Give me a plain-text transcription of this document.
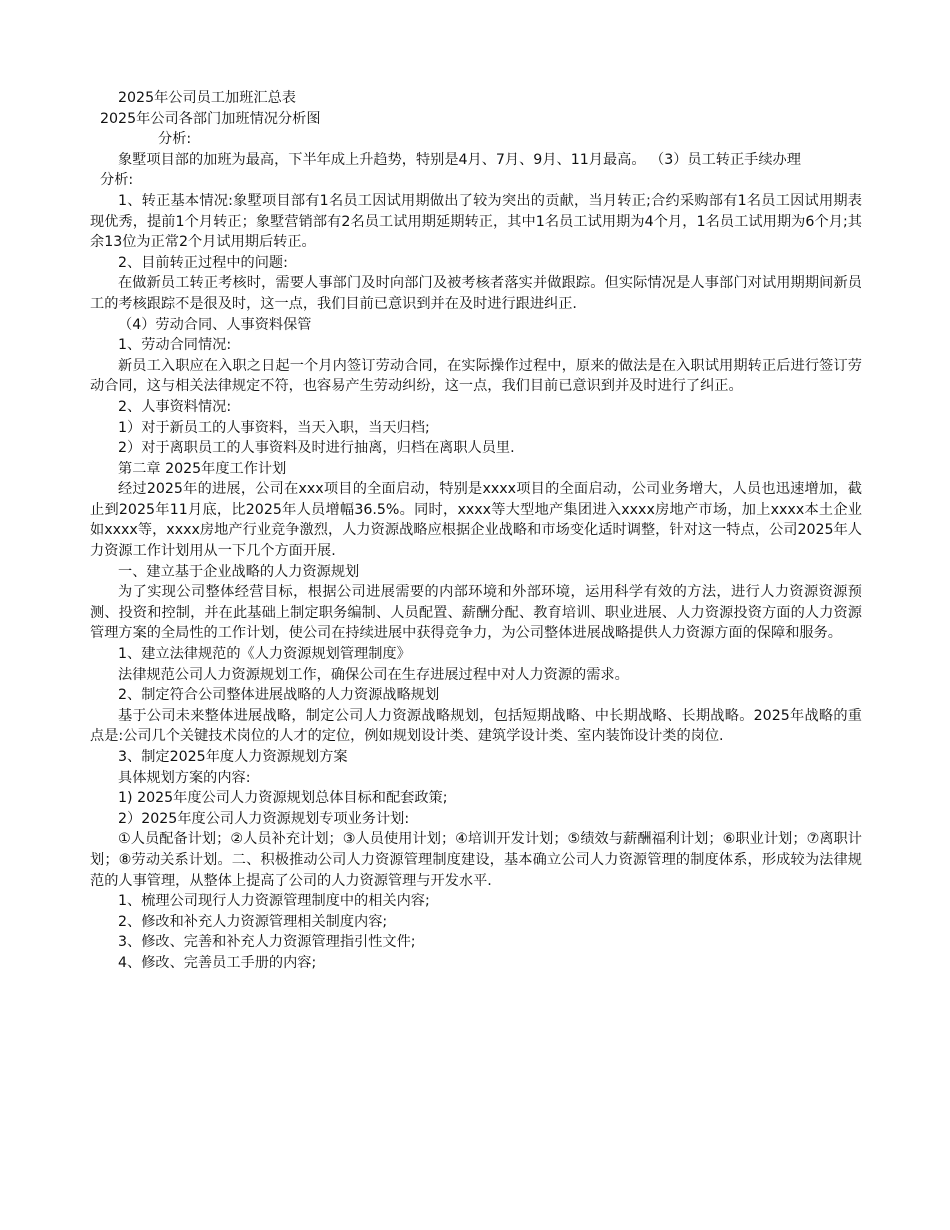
2025年公司员工加班汇总表

2025年公司各部门加班情况分析图

分析:

象墅项目部的加班为最高，下半年成上升趋势，特别是4月、7月、9月、11月最高。 （3）员工转正手续办理

分析:

1、转正基本情况:象墅项目部有1名员工因试用期做出了较为突出的贡献，当月转正;合约采购部有1名员工因试用期表现优秀，提前1个月转正；象墅营销部有2名员工试用期延期转正，其中1名员工试用期为4个月，1名员工试用期为6个月;其余13位为正常2个月试用期后转正。

2、目前转正过程中的问题:

在做新员工转正考核时，需要人事部门及时向部门及被考核者落实并做跟踪。但实际情况是人事部门对试用期期间新员工的考核跟踪不是很及时，这一点，我们目前已意识到并在及时进行跟进纠正.

（4）劳动合同、人事资料保管

1、劳动合同情况:

新员工入职应在入职之日起一个月内签订劳动合同，在实际操作过程中，原来的做法是在入职试用期转正后进行签订劳动合同，这与相关法律规定不符，也容易产生劳动纠纷，这一点，我们目前已意识到并及时进行了纠正。

2、人事资料情况:

1）对于新员工的人事资料，当天入职，当天归档;

2）对于离职员工的人事资料及时进行抽离，归档在离职人员里.

第二章 2025年度工作计划

经过2025年的进展，公司在xxx项目的全面启动，特别是xxxx项目的全面启动，公司业务增大，人员也迅速增加，截止到2025年11月底，比2025年人员增幅36.5%。同时，xxxx等大型地产集团进入xxxx房地产市场，加上xxxx本土企业如xxxx等，xxxx房地产行业竞争激烈，人力资源战略应根据企业战略和市场变化适时调整，针对这一特点，公司2025年人力资源工作计划用从一下几个方面开展.

一、建立基于企业战略的人力资源规划

为了实现公司整体经营目标，根据公司进展需要的内部环境和外部环境，运用科学有效的方法，进行人力资源资源预测、投资和控制，并在此基础上制定职务编制、人员配置、薪酬分配、教育培训、职业进展、人力资源投资方面的人力资源管理方案的全局性的工作计划，使公司在持续进展中获得竞争力，为公司整体进展战略提供人力资源方面的保障和服务。

1、建立法律规范的《人力资源规划管理制度》

法律规范公司人力资源规划工作，确保公司在生存进展过程中对人力资源的需求。

2、制定符合公司整体进展战略的人力资源战略规划

基于公司未来整体进展战略，制定公司人力资源战略规划，包括短期战略、中长期战略、长期战略。2025年战略的重点是:公司几个关键技术岗位的人才的定位，例如规划设计类、建筑学设计类、室内装饰设计类的岗位.

3、制定2025年度人力资源规划方案

具体规划方案的内容:

1) 2025年度公司人力资源规划总体目标和配套政策;

2）2025年度公司人力资源规划专项业务计划:

①人员配备计划；②人员补充计划；③人员使用计划；④培训开发计划；⑤绩效与薪酬福利计划；⑥职业计划；⑦离职计划；⑧劳动关系计划。二、积极推动公司人力资源管理制度建设，基本确立公司人力资源管理的制度体系，形成较为法律规范的人事管理，从整体上提高了公司的人力资源管理与开发水平.

1、梳理公司现行人力资源管理制度中的相关内容;

2、修改和补充人力资源管理相关制度内容;

3、修改、完善和补充人力资源管理指引性文件;

4、修改、完善员工手册的内容;
